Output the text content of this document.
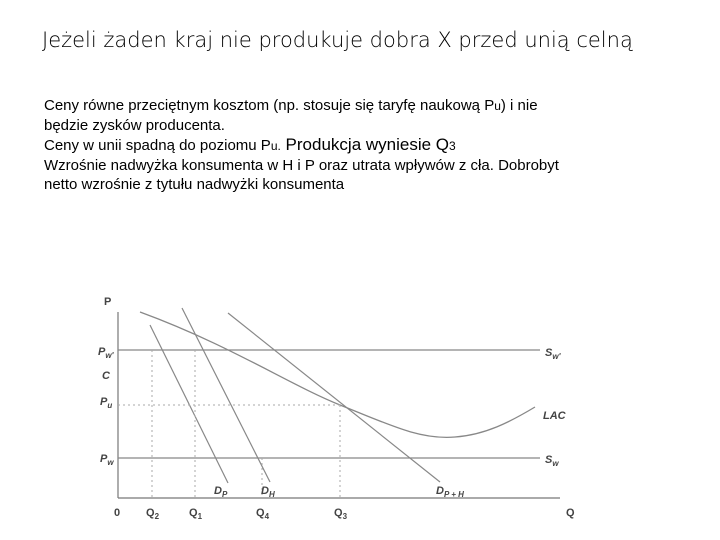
Jeżeli żaden kraj nie produkuje dobra X przed unią celną

Ceny równe przeciętnym kosztom (np. stosuje się taryfę naukową Pu) i nie

będzie zysków producenta.

Ceny w unii spadną do poziomu Pu. Produkcja wyniesie Q3

Wzrośnie nadwyżka konsumenta w H i P oraz utrata wpływów z cła. Dobrobyt

netto wzrośnie z tytułu nadwyżki konsumenta

P
Q
0
$P_{w'}$
C
$P_u$
$P_w$
$Q_2$	$Q_1$	$Q_4$	$Q_3$
$S_{w'}$
LAC
$S_w$
$D_P$	$D_H$	$D_{P + H}$
